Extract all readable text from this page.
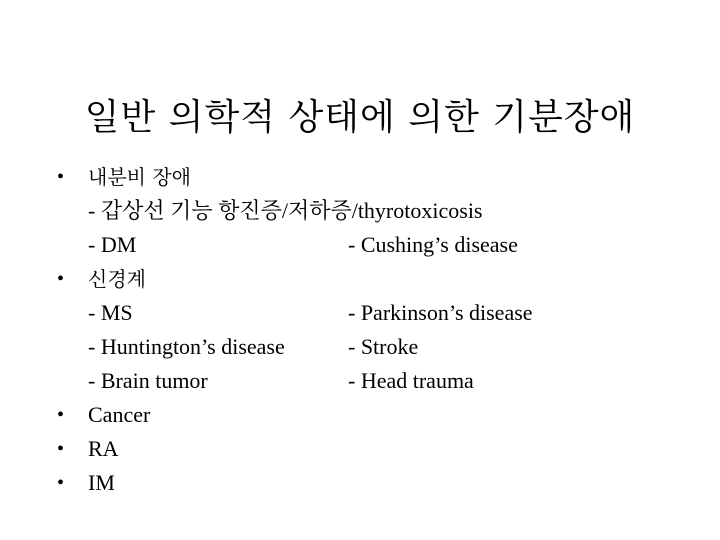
일반 의학적 상태에 의한 기분장애
• 내분비 장애
- 갑상선 기능 항진증/저하증/thyrotoxicosis
- DM	- Cushing’s disease
• 신경계
- MS	- Parkinson’s disease
- Huntington’s disease	- Stroke
- Brain tumor	- Head trauma
• Cancer
• RA
• IM
